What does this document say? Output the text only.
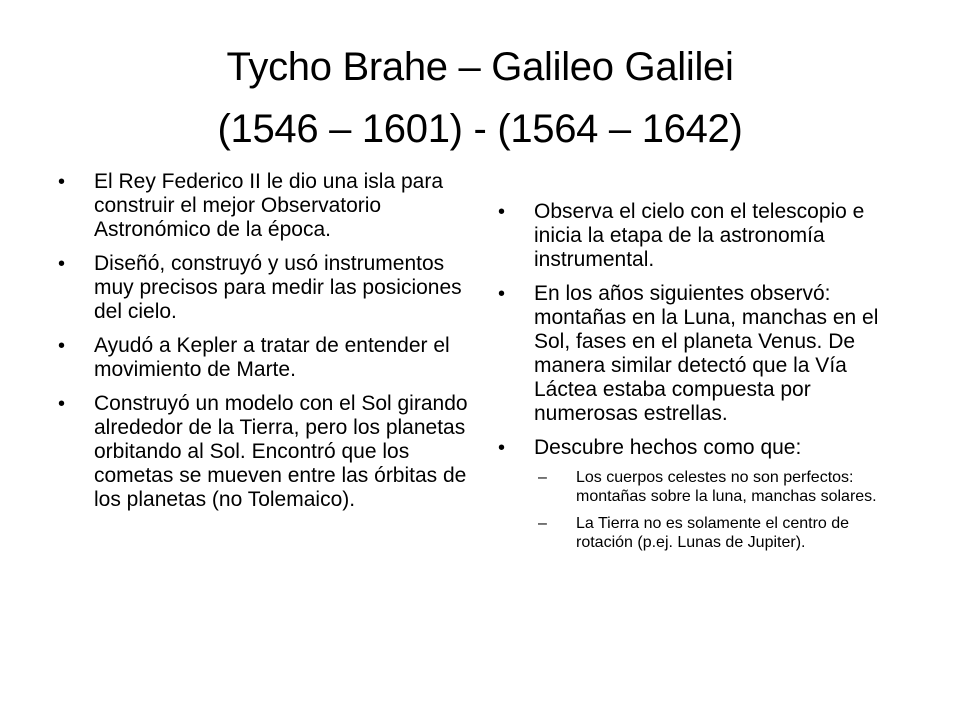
Tycho Brahe – Galileo Galilei
(1546 – 1601) - (1564 – 1642)
• El Rey Federico II le dio una isla para construir el mejor Observatorio Astronómico de la época.
• Diseñó, construyó y usó instrumentos muy precisos para medir las posiciones del cielo.
• Ayudó a Kepler a tratar de entender el movimiento de Marte.
• Construyó un modelo con el Sol girando alrededor de la Tierra, pero los planetas orbitando al Sol. Encontró que los cometas se mueven entre las órbitas de los planetas (no Tolemaico).
• Observa el cielo con el telescopio e inicia la etapa de la astronomía instrumental.
• En los años siguientes observó: montañas en la Luna, manchas en el Sol, fases en el planeta Venus. De manera similar detectó que la Vía Láctea estaba compuesta por numerosas estrellas.
• Descubre hechos como que:
– Los cuerpos celestes no son perfectos: montañas sobre la luna, manchas solares.
– La Tierra no es solamente el centro de rotación (p.ej. Lunas de Jupiter).
